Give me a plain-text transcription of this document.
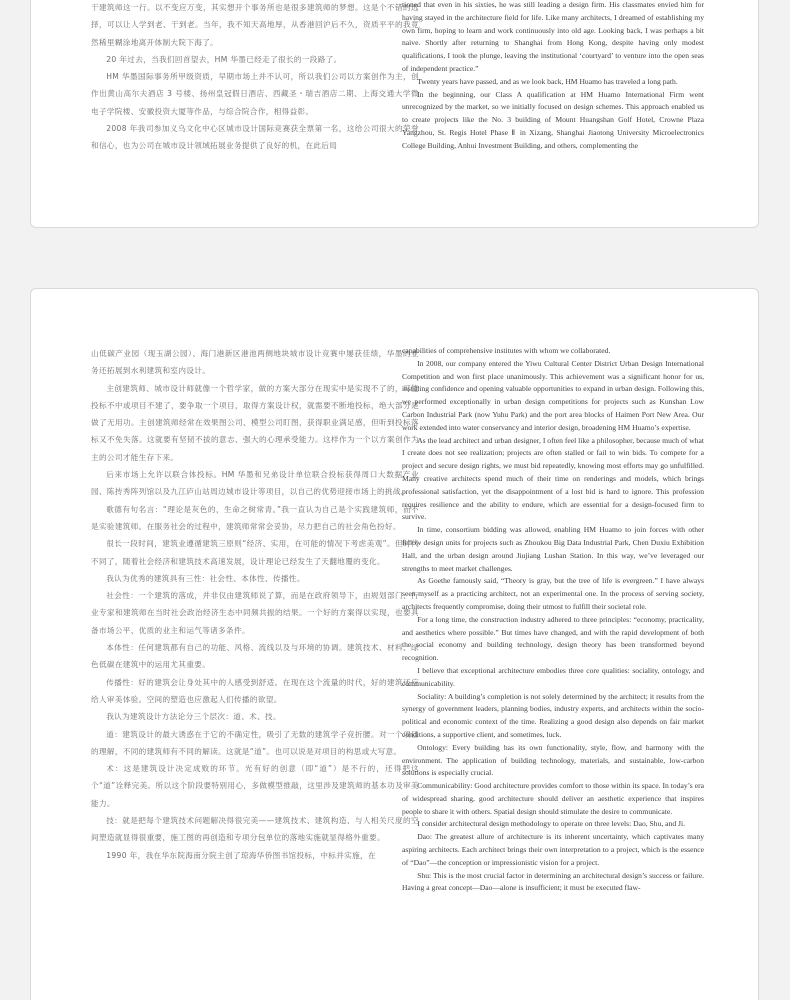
干建筑师这一行。以不变应万变，其实想开个事务所也是很多建筑师的梦想。这是个不错的选择，可以让人学到老、干到老。当年，我不知天高地厚，从香港回沪后不久，资质平平的我竟然稀里糊涂地离开体制大院下海了。

20 年过去，当我们回首望去，HM 华墨已经走了很长的一段路了。

HM 华墨国际事务所甲级资质，早期市场上并不认可，所以我们公司以方案创作为主，创作出黄山高尔夫酒店 3 号楼、扬州皇冠假日酒店、西藏圣・瑞吉酒店二期、上海交通大学微电子学院楼、安徽投资大厦等作品，与综合院合作，相得益彰。

2008 年我司参加义乌文化中心区城市设计国际竞赛获全票第一名，这给公司很大的荣誉和信心，也为公司在城市设计领域拓展业务提供了良好的机，在此后局

tioned that even in his sixties, he was still leading a design firm. His classmates envied him for having stayed in the architecture field for life. Like many architects, I dreamed of establishing my own firm, hoping to learn and work continuously into old age. Looking back, I was perhaps a bit naive. Shortly after returning to Shanghai from Hong Kong, despite having only modest qualifications, I took the plunge, leaving the institutional ‘courtyard’ to venture into the open seas of independent practice.”

Twenty years have passed, and as we look back, HM Huamo has traveled a long path.

In the beginning, our Class A qualification at HM Huamo International Firm went unrecognized by the market, so we initially focused on design schemes. This approach enabled us to create projects like the No. 3 building of Mount Huangshan Golf Hotel, Crowne Plaza Yangzhou, St. Regis Hotel Phase Ⅱ in Xizang, Shanghai Jiaotong University Microelectronics College Building, Anhui Investment Building, and others, complementing the

山低碳产业园（现玉湖公园）、海门港新区港池两侧地块城市设计竞赛中屡获佳绩，华墨的业务还拓展到水利建筑和室内设计。

主创建筑师、城市设计师就像一个哲学家，做的方案大部分在现实中是实现不了的，可能投标不中或项目不建了，要争取一个项目，取得方案设计权，就需要不断地投标，绝大部分是做了无用功。主创建筑师经常在效果图公司、模型公司盯图，获得职业满足感，但听到投标落标又不免失落。这就要有坚韧不拔的意志、强大的心理承受能力。这样作为一个以方案创作为主的公司才能生存下来。

后来市场上允许以联合体投标。HM 华墨和兄弟设计单位联合投标获得周口大数据产业园、陈抟秀阵列馆以及九江庐山站周边城市设计等项目，以自己的优势迎接市场上的挑战。

歌德有句名言：“理论是灰色的，生命之树常青。”我一直认为自己是个实践建筑师，而不是实验建筑师。在服务社会的过程中，建筑师常常会妥协，尽力把自己的社会角色扮好。

很长一段时间，建筑业遵循建筑三原则“经济、实用，在可能的情况下考虑美观”。但时代不同了，随着社会经济和建筑技术高速发展，设计理论已经发生了天翻地覆的变化。

我认为优秀的建筑具有三性：社会性、本体性、传播性。

社会性：一个建筑的落成，并非仅由建筑师说了算，而是在政府领导下，由规划部门、行业专家和建筑师在当时社会政治经济生态中同频共振的结果。一个好的方案得以实现，也要具备市场公平、优质的业主和运气等诸多条件。

本体性：任何建筑都有自己的功能、风格、流线以及与环境的协调。建筑技术、材料、绿色低碳在建筑中的运用尤其重要。

传播性：好的建筑会让身处其中的人感受到舒适。在现在这个流量的时代，好的建筑还应给人审美体验。空间的塑造也应激起人们传播的欲望。

我认为建筑设计方法论分三个层次：道、术、技。

道：建筑设计的最大诱惑在于它的不确定性，吸引了无数的建筑学子竞折腰。对一个项目的理解，不同的建筑师有不同的解读。这就是“道”。也可以说是对项目的构思或大写意。

术：这是建筑设计决定成败的环节。光有好的创意（即“道”）是不行的，还得把这个“道”诠释完美。所以这个阶段要特别用心，多做模型推敲，这里涉及建筑师的基本功及审美能力。

技：就是把每个建筑技术问题解决得很完美——建筑技术、建筑构造、与人相关尺度的空间塑造就显得很重要，施工图的再创造和专项分包单位的落地实施就显得格外重要。

1990 年，我在华东院海南分院主创了琼海华侨图书馆投标，中标并实施，在

capabilities of comprehensive institutes with whom we collaborated.

In 2008, our company entered the Yiwu Cultural Center District Urban Design International Competition and won first place unanimously. This achievement was a significant honor for us, instilling confidence and opening valuable opportunities to expand in urban design. Following this, we performed exceptionally in urban design competitions for projects such as Kunshan Low Carbon Industrial Park (now Yuhu Park) and the port area blocks of Haimen Port New Area. Our work extended into water conservancy and interior design, broadening HM Huamo’s expertise.

As the lead architect and urban designer, I often feel like a philosopher, because much of what I create does not see realization; projects are often stalled or fail to win bids. To compete for a project and secure design rights, we must bid repeatedly, knowing most efforts may go unfulfilled. Many creative architects spend much of their time on renderings and models, which brings professional satisfaction, yet the disappointment of a lost bid is hard to ignore. This profession requires resilience and the ability to endure, which are essential for a design-focused firm to survive.

In time, consortium bidding was allowed, enabling HM Huamo to join forces with other fellow design units for projects such as Zhoukou Big Data Industrial Park, Chen Duxiu Exhibition Hall, and the urban design around Jiujiang Lushan Station. In this way, we’ve leveraged our strengths to meet market challenges.

As Goethe famously said, “Theory is gray, but the tree of life is evergreen.” I have always seen myself as a practicing architect, not an experimental one. In the process of serving society, architects frequently compromise, doing their utmost to fulfill their societal role.

For a long time, the construction industry adhered to three principles: “economy, practicality, and aesthetics where possible.” But times have changed, and with the rapid development of both the social economy and building technology, design theory has been transformed beyond recognition.

I believe that exceptional architecture embodies three core qualities: sociality, ontology, and communicability.

Sociality: A building’s completion is not solely determined by the architect; it results from the synergy of government leaders, planning bodies, industry experts, and architects within the socio-political and economic context of the time. Realizing a good design also depends on fair market conditions, a supportive client, and sometimes, luck.

Ontology: Every building has its own functionality, style, flow, and harmony with the environment. The application of building technology, materials, and sustainable, low-carbon solutions is especially crucial.

Communicability: Good architecture provides comfort to those within its space. In today’s era of widespread sharing, good architecture should deliver an aesthetic experience that inspires people to share it with others. Spatial design should stimulate the desire to communicate.

I consider architectural design methodology to operate on three levels: Dao, Shu, and Ji.

Dao: The greatest allure of architecture is its inherent uncertainty, which captivates many aspiring architects. Each architect brings their own interpretation to a project, which is the essence of “Dao”—the conception or impressionistic vision for a project.

Shu: This is the most crucial factor in determining an architectural design’s success or failure. Having a great concept—Dao—alone is insufficient; it must be executed flaw-
